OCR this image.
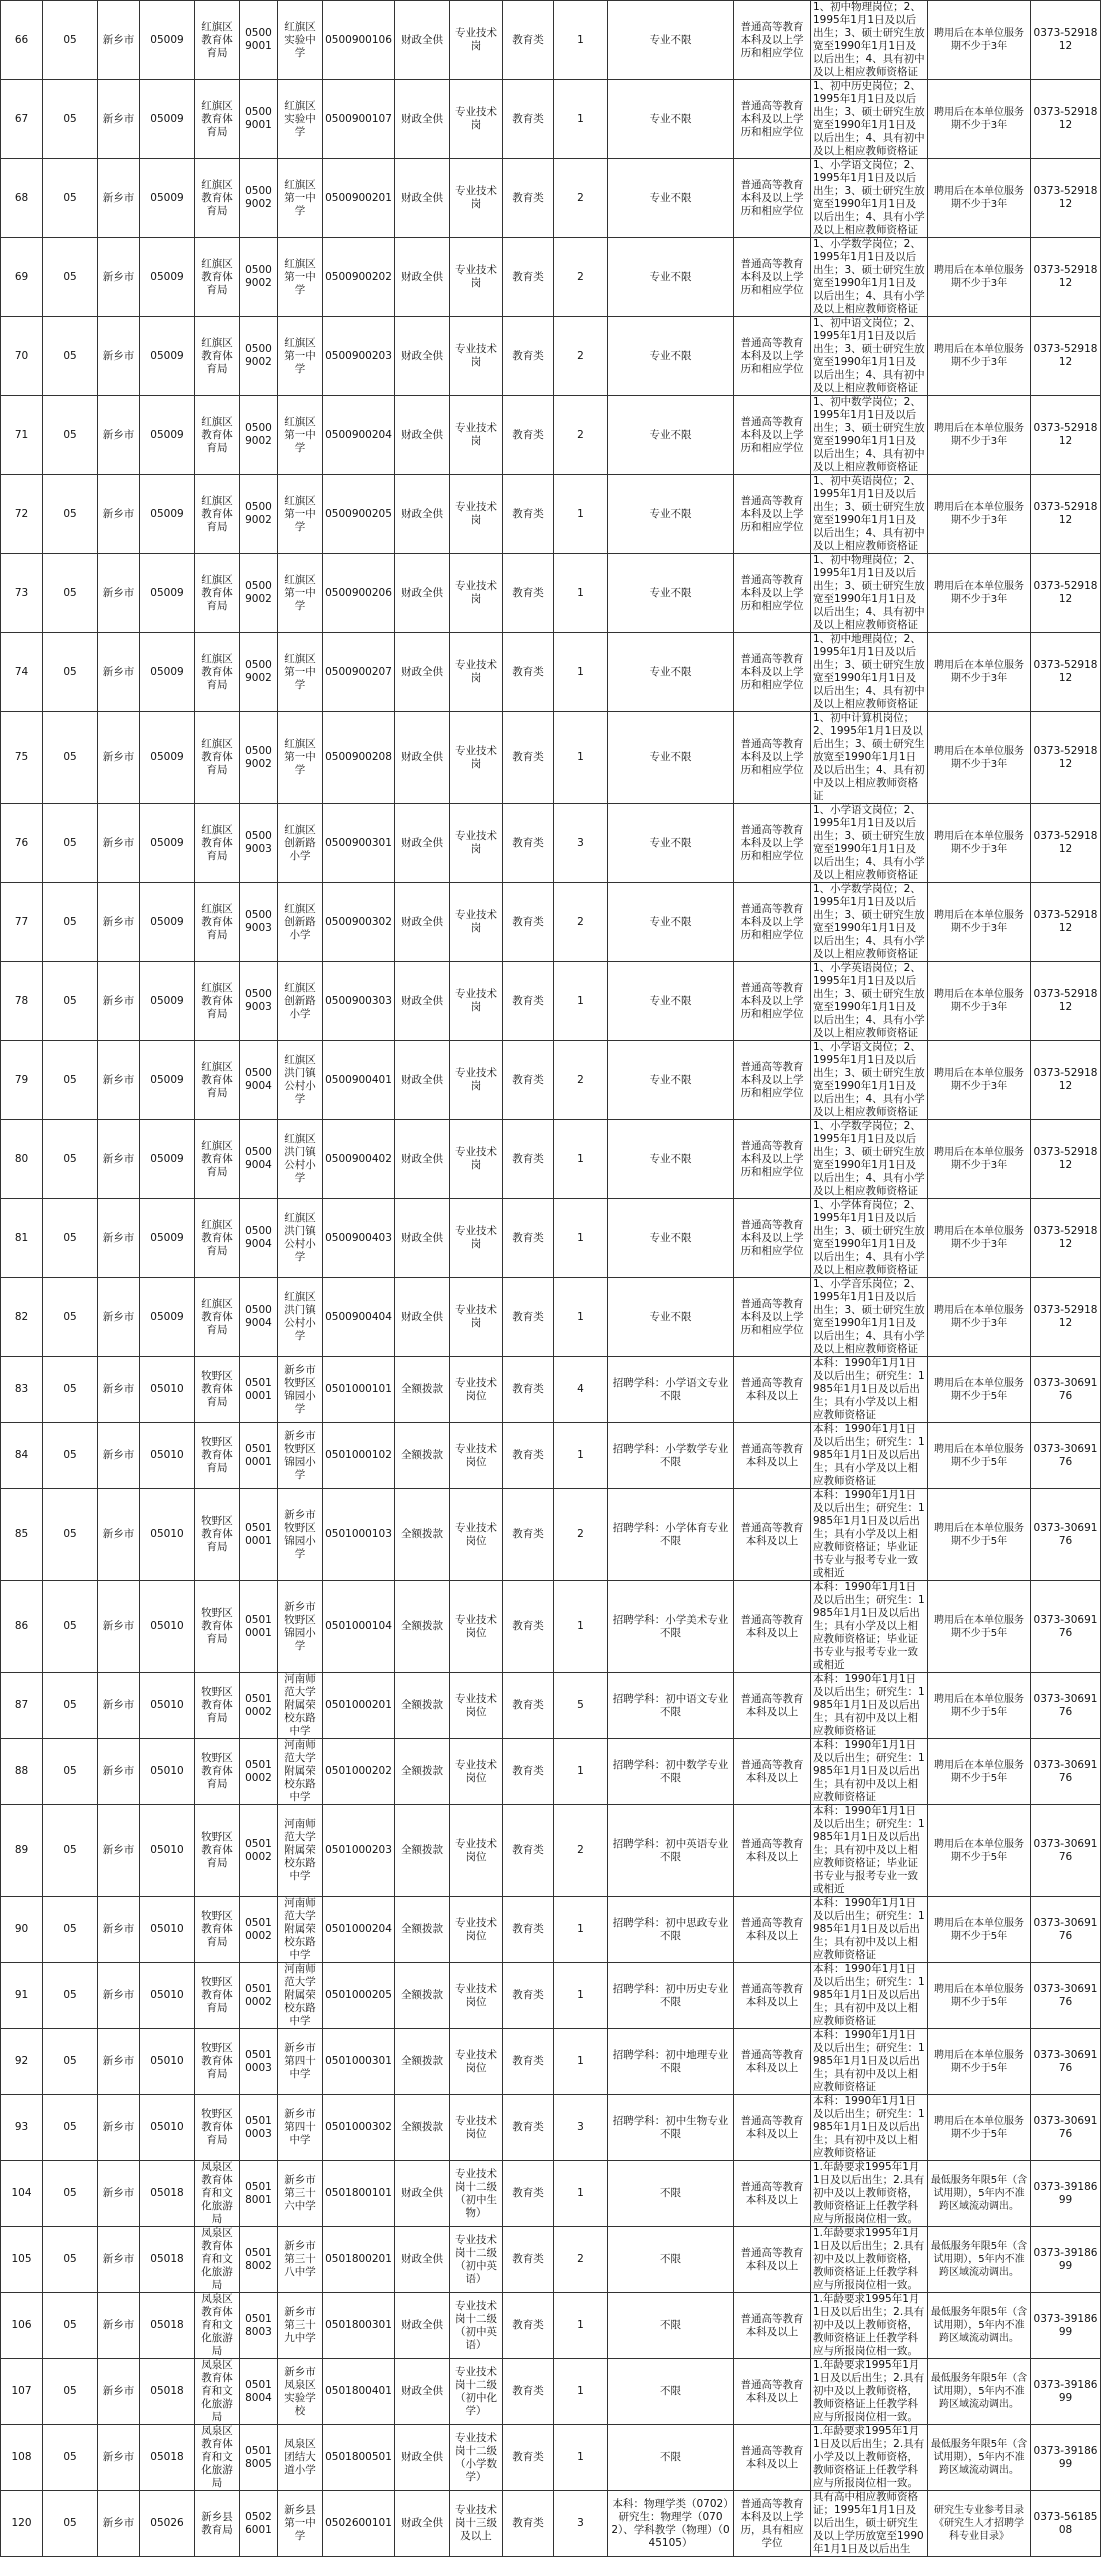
66	05	新乡市	05009	红旗区教育体育局	05009001	红旗区实验中学	0500900106	财政全供	专业技术岗	教育类	1	专业不限	普通高等教育本科及以上学历和相应学位	1、初中物理岗位；2、1995年1月1日及以后出生；3、硕士研究生放宽至1990年1月1日及以后出生；4、具有初中及以上相应教师资格证	聘用后在本单位服务期不少于3年	0373-5291812
67	05	新乡市	05009	红旗区教育体育局	05009001	红旗区实验中学	0500900107	财政全供	专业技术岗	教育类	1	专业不限	普通高等教育本科及以上学历和相应学位	1、初中历史岗位；2、1995年1月1日及以后出生；3、硕士研究生放宽至1990年1月1日及以后出生；4、具有初中及以上相应教师资格证	聘用后在本单位服务期不少于3年	0373-5291812
68	05	新乡市	05009	红旗区教育体育局	05009002	红旗区第一中学	0500900201	财政全供	专业技术岗	教育类	2	专业不限	普通高等教育本科及以上学历和相应学位	1、小学语文岗位；2、1995年1月1日及以后出生；3、硕士研究生放宽至1990年1月1日及以后出生；4、具有小学及以上相应教师资格证	聘用后在本单位服务期不少于3年	0373-5291812
69	05	新乡市	05009	红旗区教育体育局	05009002	红旗区第一中学	0500900202	财政全供	专业技术岗	教育类	2	专业不限	普通高等教育本科及以上学历和相应学位	1、小学数学岗位；2、1995年1月1日及以后出生；3、硕士研究生放宽至1990年1月1日及以后出生；4、具有小学及以上相应教师资格证	聘用后在本单位服务期不少于3年	0373-5291812
70	05	新乡市	05009	红旗区教育体育局	05009002	红旗区第一中学	0500900203	财政全供	专业技术岗	教育类	2	专业不限	普通高等教育本科及以上学历和相应学位	1、初中语文岗位；2、1995年1月1日及以后出生；3、硕士研究生放宽至1990年1月1日及以后出生；4、具有初中及以上相应教师资格证	聘用后在本单位服务期不少于3年	0373-5291812
71	05	新乡市	05009	红旗区教育体育局	05009002	红旗区第一中学	0500900204	财政全供	专业技术岗	教育类	2	专业不限	普通高等教育本科及以上学历和相应学位	1、初中数学岗位；2、1995年1月1日及以后出生；3、硕士研究生放宽至1990年1月1日及以后出生；4、具有初中及以上相应教师资格证	聘用后在本单位服务期不少于3年	0373-5291812
72	05	新乡市	05009	红旗区教育体育局	05009002	红旗区第一中学	0500900205	财政全供	专业技术岗	教育类	1	专业不限	普通高等教育本科及以上学历和相应学位	1、初中英语岗位；2、1995年1月1日及以后出生；3、硕士研究生放宽至1990年1月1日及以后出生；4、具有初中及以上相应教师资格证	聘用后在本单位服务期不少于3年	0373-5291812
73	05	新乡市	05009	红旗区教育体育局	05009002	红旗区第一中学	0500900206	财政全供	专业技术岗	教育类	1	专业不限	普通高等教育本科及以上学历和相应学位	1、初中物理岗位；2、1995年1月1日及以后出生；3、硕士研究生放宽至1990年1月1日及以后出生；4、具有初中及以上相应教师资格证	聘用后在本单位服务期不少于3年	0373-5291812
74	05	新乡市	05009	红旗区教育体育局	05009002	红旗区第一中学	0500900207	财政全供	专业技术岗	教育类	1	专业不限	普通高等教育本科及以上学历和相应学位	1、初中地理岗位；2、1995年1月1日及以后出生；3、硕士研究生放宽至1990年1月1日及以后出生；4、具有初中及以上相应教师资格证	聘用后在本单位服务期不少于3年	0373-5291812
75	05	新乡市	05009	红旗区教育体育局	05009002	红旗区第一中学	0500900208	财政全供	专业技术岗	教育类	1	专业不限	普通高等教育本科及以上学历和相应学位	1、初中计算机岗位；2、1995年1月1日及以后出生；3、硕士研究生放宽至1990年1月1日及以后出生；4、具有初中及以上相应教师资格证	聘用后在本单位服务期不少于3年	0373-5291812
76	05	新乡市	05009	红旗区教育体育局	05009003	红旗区创新路小学	0500900301	财政全供	专业技术岗	教育类	3	专业不限	普通高等教育本科及以上学历和相应学位	1、小学语文岗位；2、1995年1月1日及以后出生；3、硕士研究生放宽至1990年1月1日及以后出生；4、具有小学及以上相应教师资格证	聘用后在本单位服务期不少于3年	0373-5291812
77	05	新乡市	05009	红旗区教育体育局	05009003	红旗区创新路小学	0500900302	财政全供	专业技术岗	教育类	2	专业不限	普通高等教育本科及以上学历和相应学位	1、小学数学岗位；2、1995年1月1日及以后出生；3、硕士研究生放宽至1990年1月1日及以后出生；4、具有小学及以上相应教师资格证	聘用后在本单位服务期不少于3年	0373-5291812
78	05	新乡市	05009	红旗区教育体育局	05009003	红旗区创新路小学	0500900303	财政全供	专业技术岗	教育类	1	专业不限	普通高等教育本科及以上学历和相应学位	1、小学英语岗位；2、1995年1月1日及以后出生；3、硕士研究生放宽至1990年1月1日及以后出生；4、具有小学及以上相应教师资格证	聘用后在本单位服务期不少于3年	0373-5291812
79	05	新乡市	05009	红旗区教育体育局	05009004	红旗区洪门镇公村小学	0500900401	财政全供	专业技术岗	教育类	2	专业不限	普通高等教育本科及以上学历和相应学位	1、小学语文岗位；2、1995年1月1日及以后出生；3、硕士研究生放宽至1990年1月1日及以后出生；4、具有小学及以上相应教师资格证	聘用后在本单位服务期不少于3年	0373-5291812
80	05	新乡市	05009	红旗区教育体育局	05009004	红旗区洪门镇公村小学	0500900402	财政全供	专业技术岗	教育类	1	专业不限	普通高等教育本科及以上学历和相应学位	1、小学数学岗位；2、1995年1月1日及以后出生；3、硕士研究生放宽至1990年1月1日及以后出生；4、具有小学及以上相应教师资格证	聘用后在本单位服务期不少于3年	0373-5291812
81	05	新乡市	05009	红旗区教育体育局	05009004	红旗区洪门镇公村小学	0500900403	财政全供	专业技术岗	教育类	1	专业不限	普通高等教育本科及以上学历和相应学位	1、小学体育岗位；2、1995年1月1日及以后出生；3、硕士研究生放宽至1990年1月1日及以后出生；4、具有小学及以上相应教师资格证	聘用后在本单位服务期不少于3年	0373-5291812
82	05	新乡市	05009	红旗区教育体育局	05009004	红旗区洪门镇公村小学	0500900404	财政全供	专业技术岗	教育类	1	专业不限	普通高等教育本科及以上学历和相应学位	1、小学音乐岗位；2、1995年1月1日及以后出生；3、硕士研究生放宽至1990年1月1日及以后出生；4、具有小学及以上相应教师资格证	聘用后在本单位服务期不少于3年	0373-5291812
83	05	新乡市	05010	牧野区教育体育局	05010001	新乡市牧野区锦园小学	0501000101	全额拨款	专业技术岗位	教育类	4	招聘学科：小学语文专业不限	普通高等教育本科及以上	本科：1990年1月1日及以后出生；研究生：1985年1月1日及以后出生；具有小学及以上相应教师资格证	聘用后在本单位服务期不少于5年	0373-3069176
84	05	新乡市	05010	牧野区教育体育局	05010001	新乡市牧野区锦园小学	0501000102	全额拨款	专业技术岗位	教育类	1	招聘学科：小学数学专业不限	普通高等教育本科及以上	本科：1990年1月1日及以后出生；研究生：1985年1月1日及以后出生；具有小学及以上相应教师资格证	聘用后在本单位服务期不少于5年	0373-3069176
85	05	新乡市	05010	牧野区教育体育局	05010001	新乡市牧野区锦园小学	0501000103	全额拨款	专业技术岗位	教育类	2	招聘学科：小学体育专业不限	普通高等教育本科及以上	本科：1990年1月1日及以后出生；研究生：1985年1月1日及以后出生；具有小学及以上相应教师资格证；毕业证书专业与报考专业一致或相近	聘用后在本单位服务期不少于5年	0373-3069176
86	05	新乡市	05010	牧野区教育体育局	05010001	新乡市牧野区锦园小学	0501000104	全额拨款	专业技术岗位	教育类	1	招聘学科：小学美术专业不限	普通高等教育本科及以上	本科：1990年1月1日及以后出生；研究生：1985年1月1日及以后出生；具有小学及以上相应教师资格证；毕业证书专业与报考专业一致或相近	聘用后在本单位服务期不少于5年	0373-3069176
87	05	新乡市	05010	牧野区教育体育局	05010002	河南师范大学附属荣校东路中学	0501000201	全额拨款	专业技术岗位	教育类	5	招聘学科：初中语文专业不限	普通高等教育本科及以上	本科：1990年1月1日及以后出生；研究生：1985年1月1日及以后出生；具有初中及以上相应教师资格证	聘用后在本单位服务期不少于5年	0373-3069176
88	05	新乡市	05010	牧野区教育体育局	05010002	河南师范大学附属荣校东路中学	0501000202	全额拨款	专业技术岗位	教育类	1	招聘学科：初中数学专业不限	普通高等教育本科及以上	本科：1990年1月1日及以后出生；研究生：1985年1月1日及以后出生；具有初中及以上相应教师资格证	聘用后在本单位服务期不少于5年	0373-3069176
89	05	新乡市	05010	牧野区教育体育局	05010002	河南师范大学附属荣校东路中学	0501000203	全额拨款	专业技术岗位	教育类	2	招聘学科：初中英语专业不限	普通高等教育本科及以上	本科：1990年1月1日及以后出生；研究生：1985年1月1日及以后出生；具有初中及以上相应教师资格证；毕业证书专业与报考专业一致或相近	聘用后在本单位服务期不少于5年	0373-3069176
90	05	新乡市	05010	牧野区教育体育局	05010002	河南师范大学附属荣校东路中学	0501000204	全额拨款	专业技术岗位	教育类	1	招聘学科：初中思政专业不限	普通高等教育本科及以上	本科：1990年1月1日及以后出生；研究生：1985年1月1日及以后出生；具有初中及以上相应教师资格证	聘用后在本单位服务期不少于5年	0373-3069176
91	05	新乡市	05010	牧野区教育体育局	05010002	河南师范大学附属荣校东路中学	0501000205	全额拨款	专业技术岗位	教育类	1	招聘学科：初中历史专业不限	普通高等教育本科及以上	本科：1990年1月1日及以后出生；研究生：1985年1月1日及以后出生；具有初中及以上相应教师资格证	聘用后在本单位服务期不少于5年	0373-3069176
92	05	新乡市	05010	牧野区教育体育局	05010003	新乡市第四十中学	0501000301	全额拨款	专业技术岗位	教育类	1	招聘学科：初中地理专业不限	普通高等教育本科及以上	本科：1990年1月1日及以后出生；研究生：1985年1月1日及以后出生；具有初中及以上相应教师资格证	聘用后在本单位服务期不少于5年	0373-3069176
93	05	新乡市	05010	牧野区教育体育局	05010003	新乡市第四十中学	0501000302	全额拨款	专业技术岗位	教育类	3	招聘学科：初中生物专业不限	普通高等教育本科及以上	本科：1990年1月1日及以后出生；研究生：1985年1月1日及以后出生；具有初中及以上相应教师资格证	聘用后在本单位服务期不少于5年	0373-3069176
104	05	新乡市	05018	凤泉区教育体育和文化旅游局	05018001	新乡市第三十六中学	0501800101	财政全供	专业技术岗十二级（初中生物）	教育类	1	不限	普通高等教育本科及以上	1.年龄要求1995年1月1日及以后出生；2.具有初中及以上教师资格，教师资格证上任教学科应与所报岗位相一致。	最低服务年限5年（含试用期），5年内不准跨区域流动调出。	0373-3918699
105	05	新乡市	05018	凤泉区教育体育和文化旅游局	05018002	新乡市第三十八中学	0501800201	财政全供	专业技术岗十二级（初中英语）	教育类	2	不限	普通高等教育本科及以上	1.年龄要求1995年1月1日及以后出生；2.具有初中及以上教师资格，教师资格证上任教学科应与所报岗位相一致。	最低服务年限5年（含试用期），5年内不准跨区域流动调出。	0373-3918699
106	05	新乡市	05018	凤泉区教育体育和文化旅游局	05018003	新乡市第三十九中学	0501800301	财政全供	专业技术岗十二级（初中英语）	教育类	1	不限	普通高等教育本科及以上	1.年龄要求1995年1月1日及以后出生；2.具有初中及以上教师资格，教师资格证上任教学科应与所报岗位相一致。	最低服务年限5年（含试用期），5年内不准跨区域流动调出。	0373-3918699
107	05	新乡市	05018	凤泉区教育体育和文化旅游局	05018004	新乡市凤泉区实验学校	0501800401	财政全供	专业技术岗十二级（初中化学）	教育类	1	不限	普通高等教育本科及以上	1.年龄要求1995年1月1日及以后出生；2.具有初中及以上教师资格，教师资格证上任教学科应与所报岗位相一致。	最低服务年限5年（含试用期），5年内不准跨区域流动调出。	0373-3918699
108	05	新乡市	05018	凤泉区教育体育和文化旅游局	05018005	凤泉区团结大道小学	0501800501	财政全供	专业技术岗十二级（小学数学）	教育类	1	不限	普通高等教育本科及以上	1.年龄要求1995年1月1日及以后出生；2.具有小学及以上教师资格，教师资格证上任教学科应与所报岗位相一致。	最低服务年限5年（含试用期），5年内不准跨区域流动调出。	0373-3918699
120	05	新乡市	05026	新乡县教育局	05026001	新乡县第一中学	0502600101	财政全供	专业技术岗十三级及以上	教育类	3	本科：物理学类（0702）研究生：物理学（0702）、学科教学（物理）（045105）	普通高等教育本科及以上学历，具有相应学位	具有高中相应教师资格证；1995年1月1日及以后出生，硕士研究生及以上学历放宽至1990年1月1日及以后出生	研究生专业参考目录《研究生人才招聘学科专业目录》	0373-5618508
